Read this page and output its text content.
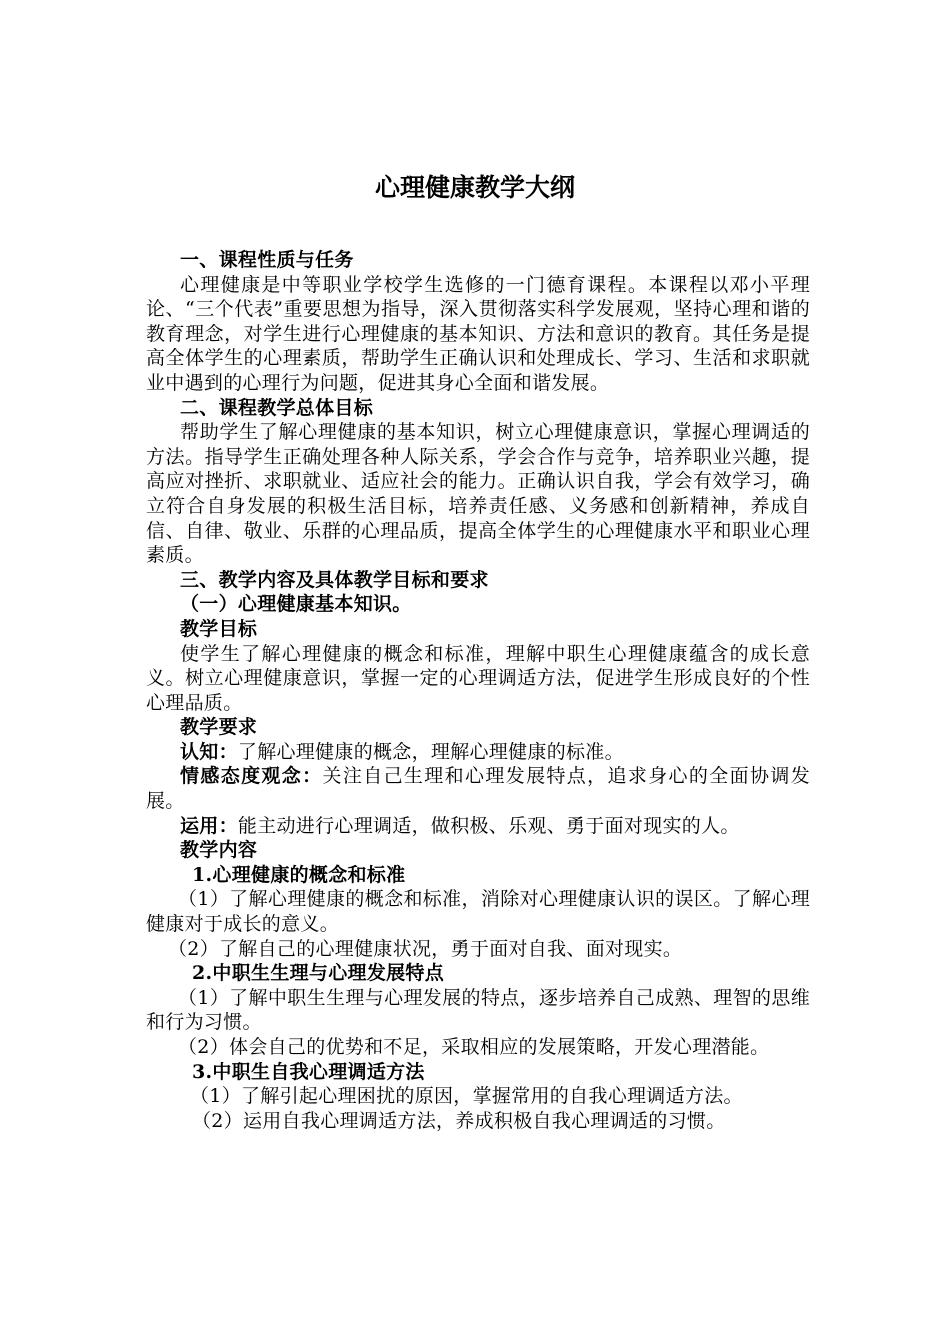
心理健康教学大纲
一、课程性质与任务
心理健康是中等职业学校学生选修的一门德育课程。本课程以邓小平理论、“三个代表”重要思想为指导，深入贯彻落实科学发展观，坚持心理和谐的教育理念，对学生进行心理健康的基本知识、方法和意识的教育。其任务是提高全体学生的心理素质，帮助学生正确认识和处理成长、学习、生活和求职就业中遇到的心理行为问题，促进其身心全面和谐发展。
二、课程教学总体目标
帮助学生了解心理健康的基本知识，树立心理健康意识，掌握心理调适的方法。指导学生正确处理各种人际关系，学会合作与竞争，培养职业兴趣，提高应对挫折、求职就业、适应社会的能力。正确认识自我，学会有效学习，确立符合自身发展的积极生活目标，培养责任感、义务感和创新精神，养成自信、自律、敬业、乐群的心理品质，提高全体学生的心理健康水平和职业心理素质。
三、教学内容及具体教学目标和要求
（一）心理健康基本知识。
教学目标
使学生了解心理健康的概念和标准，理解中职生心理健康蕴含的成长意义。树立心理健康意识，掌握一定的心理调适方法，促进学生形成良好的个性心理品质。
教学要求
认知：了解心理健康的概念，理解心理健康的标准。
情感态度观念：关注自己生理和心理发展特点，追求身心的全面协调发展。
运用：能主动进行心理调适，做积极、乐观、勇于面对现实的人。
教学内容
1.心理健康的概念和标准
（1）了解心理健康的概念和标准，消除对心理健康认识的误区。了解心理健康对于成长的意义。
（2）了解自己的心理健康状况，勇于面对自我、面对现实。
2.中职生生理与心理发展特点
（1）了解中职生生理与心理发展的特点，逐步培养自己成熟、理智的思维和行为习惯。
（2）体会自己的优势和不足，采取相应的发展策略，开发心理潜能。
3.中职生自我心理调适方法
（1）了解引起心理困扰的原因，掌握常用的自我心理调适方法。
（2）运用自我心理调适方法，养成积极自我心理调适的习惯。
